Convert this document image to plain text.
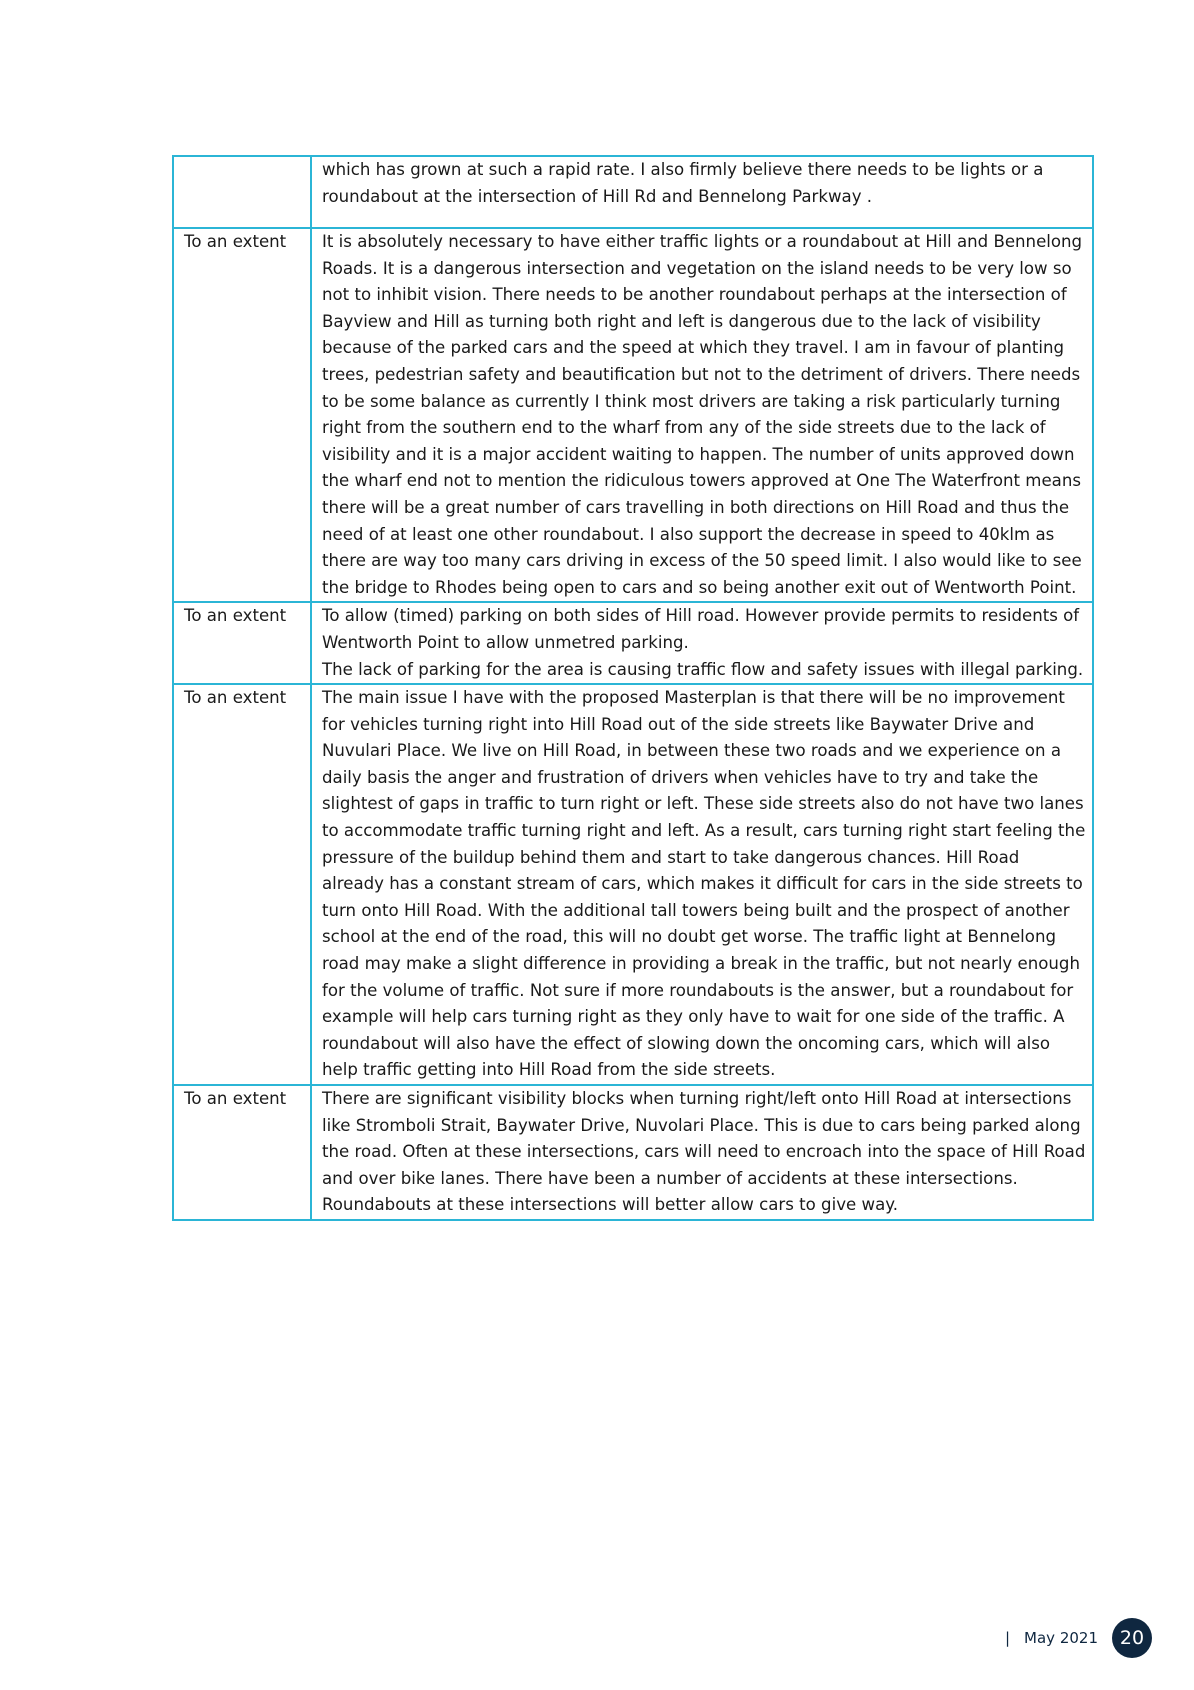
	which has grown at such a rapid rate. I also firmly believe there needs to be lights or a roundabout at the intersection of Hill Rd and Bennelong Parkway .
To an extent	It is absolutely necessary to have either traffic lights or a roundabout at Hill and Bennelong Roads. It is a dangerous intersection and vegetation on the island needs to be very low so not to inhibit vision. There needs to be another roundabout perhaps at the intersection of Bayview and Hill as turning both right and left is dangerous due to the lack of visibility because of the parked cars and the speed at which they travel. I am in favour of planting trees, pedestrian safety and beautification but not to the detriment of drivers. There needs to be some balance as currently I think most drivers are taking a risk particularly turning right from the southern end to the wharf from any of the side streets due to the lack of visibility and it is a major accident waiting to happen. The number of units approved down the wharf end not to mention the ridiculous towers approved at One The Waterfront means there will be a great number of cars travelling in both directions on Hill Road and thus the need of at least one other roundabout. I also support the decrease in speed to 40klm as there are way too many cars driving in excess of the 50 speed limit. I also would like to see the bridge to Rhodes being open to cars and so being another exit out of Wentworth Point.
To an extent	To allow (timed) parking on both sides of Hill road. However provide permits to residents of Wentworth Point to allow unmetred parking.
The lack of parking for the area is causing traffic flow and safety issues with illegal parking.

To an extent	The main issue I have with the proposed Masterplan is that there will be no improvement for vehicles turning right into Hill Road out of the side streets like Baywater Drive and Nuvulari Place. We live on Hill Road, in between these two roads and we experience on a daily basis the anger and frustration of drivers when vehicles have to try and take the slightest of gaps in traffic to turn right or left. These side streets also do not have two lanes to accommodate traffic turning right and left. As a result, cars turning right start feeling the pressure of the buildup behind them and start to take dangerous chances. Hill Road already has a constant stream of cars, which makes it difficult for cars in the side streets to turn onto Hill Road. With the additional tall towers being built and the prospect of another school at the end of the road, this will no doubt get worse. The traffic light at Bennelong road may make a slight difference in providing a break in the traffic, but not nearly enough for the volume of traffic. Not sure if more roundabouts is the answer, but a roundabout for example will help cars turning right as they only have to wait for one side of the traffic. A roundabout will also have the effect of slowing down the oncoming cars, which will also help traffic getting into Hill Road from the side streets.
To an extent	There are significant visibility blocks when turning right/left onto Hill Road at intersections like Stromboli Strait, Baywater Drive, Nuvolari Place. This is due to cars being parked along the road. Often at these intersections, cars will need to encroach into the space of Hill Road and over bike lanes. There have been a number of accidents at these intersections. Roundabouts at these intersections will better allow cars to give way.
| May 2021	20
